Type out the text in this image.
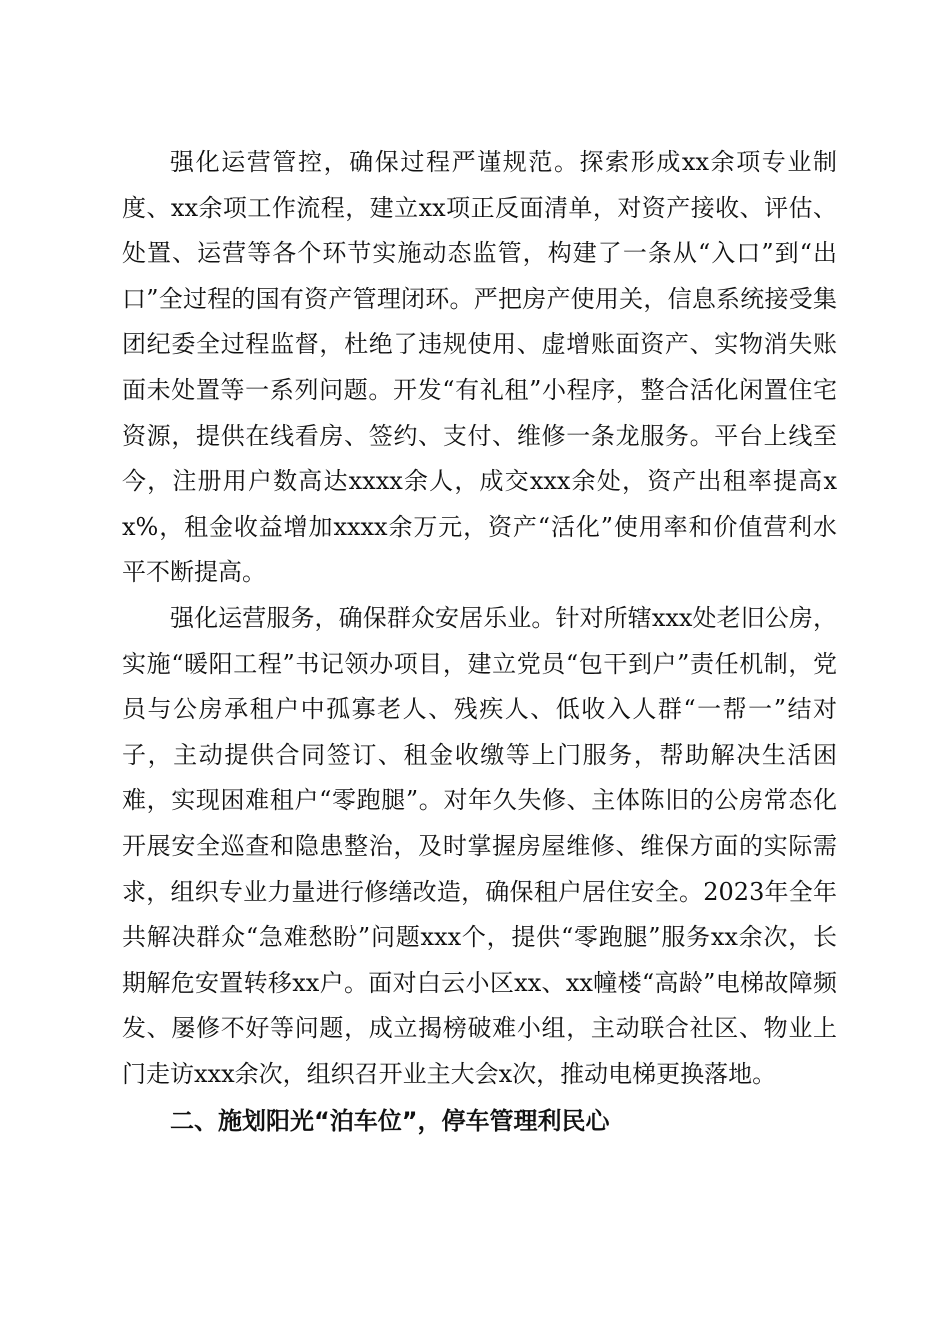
强化运营管控，确保过程严谨规范。探索形成xx余项专业制度、xx余项工作流程，建立xx项正反面清单，对资产接收、评估、处置、运营等各个环节实施动态监管，构建了一条从“入口”到“出口”全过程的国有资产管理闭环。严把房产使用关，信息系统接受集团纪委全过程监督，杜绝了违规使用、虚增账面资产、实物消失账面未处置等一系列问题。开发“有礼租”小程序，整合活化闲置住宅资源，提供在线看房、签约、支付、维修一条龙服务。平台上线至今，注册用户数高达xxxx余人，成交xxx余处，资产出租率提高xx%，租金收益增加xxxx余万元，资产“活化”使用率和价值营利水平不断提高。

强化运营服务，确保群众安居乐业。针对所辖xxx处老旧公房，实施“暖阳工程”书记领办项目，建立党员“包干到户”责任机制，党员与公房承租户中孤寡老人、残疾人、低收入人群“一帮一”结对子，主动提供合同签订、租金收缴等上门服务，帮助解决生活困难，实现困难租户“零跑腿”。对年久失修、主体陈旧的公房常态化开展安全巡查和隐患整治，及时掌握房屋维修、维保方面的实际需求，组织专业力量进行修缮改造，确保租户居住安全。2023年全年共解决群众“急难愁盼”问题xxx个，提供“零跑腿”服务xx余次，长期解危安置转移xx户。面对白云小区xx、xx幢楼“高龄”电梯故障频发、屡修不好等问题，成立揭榜破难小组，主动联合社区、物业上门走访xxx余次，组织召开业主大会x次，推动电梯更换落地。

二、施划阳光“泊车位”，停车管理利民心
